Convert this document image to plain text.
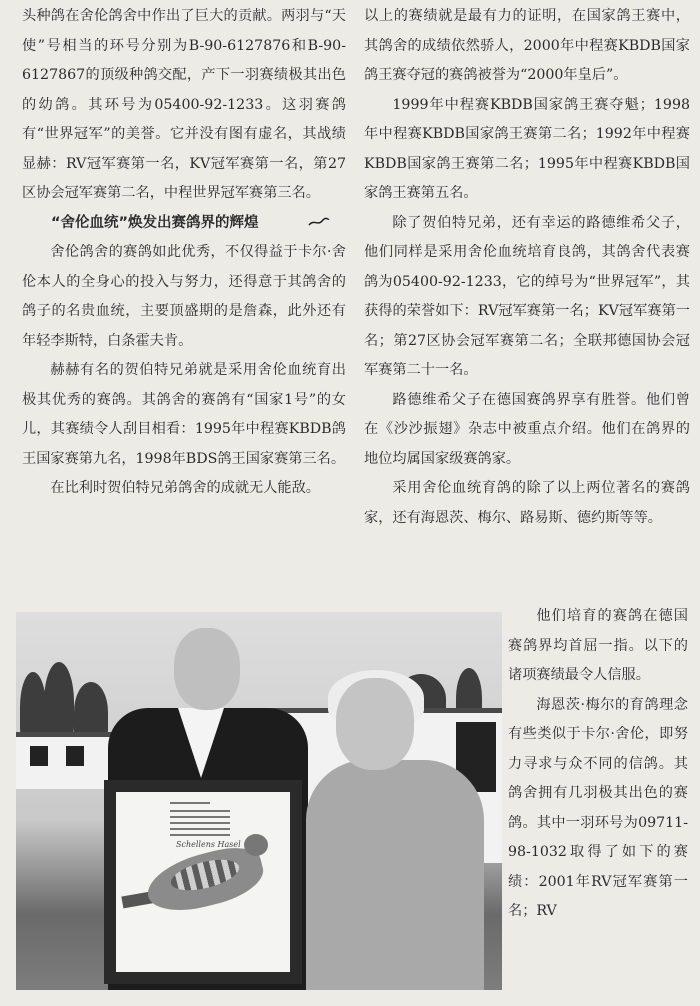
头种鸽在舍伦鸽舍中作出了巨大的贡献。两羽与“天使”号相当的环号分别为B-90-6127876和B-90-6127867的顶级种鸽交配，产下一羽赛绩极其出色的幼鸽。其环号为05400-92-1233。这羽赛鸽有“世界冠军”的美誉。它并没有图有虚名，其战绩显赫：RV冠军赛第一名，KV冠军赛第一名，第27区协会冠军赛第二名，中程世界冠军赛第三名。

“舍伦血统”焕发出赛鸽界的辉煌

舍伦鸽舍的赛鸽如此优秀，不仅得益于卡尔·舍伦本人的全身心的投入与努力，还得意于其鸽舍的鸽子的名贵血统，主要顶盛期的是詹森，此外还有年轻李斯特，白条霍夫肯。

赫赫有名的贺伯特兄弟就是采用舍伦血统育出极其优秀的赛鸽。其鸽舍的赛鸽有“国家1号”的女儿，其赛绩令人刮目相看：1995年中程赛KBDB鸽王国家赛第九名，1998年BDS鸽王国家赛第三名。

在比利时贺伯特兄弟鸽舍的成就无人能敌。

以上的赛绩就是最有力的证明，在国家鸽王赛中，其鸽舍的成绩依然骄人，2000年中程赛KBDB国家鸽王赛夺冠的赛鸽被誉为“2000年皇后”。

1999年中程赛KBDB国家鸽王赛夺魁；1998年中程赛KBDB国家鸽王赛第二名；1992年中程赛KBDB国家鸽王赛第二名；1995年中程赛KBDB国家鸽王赛第五名。

除了贺伯特兄弟，还有幸运的路德维希父子，他们同样是采用舍伦血统培育良鸽，其鸽舍代表赛鸽为05400-92-1233，它的绰号为“世界冠军”，其获得的荣誉如下：RV冠军赛第一名；KV冠军赛第一名；第27区协会冠军赛第二名；全联邦德国协会冠军赛第二十一名。

路德维希父子在德国赛鸽界享有胜誉。他们曾在《沙沙振翅》杂志中被重点介绍。他们在鸽界的地位均属国家级赛鸽家。

采用舍伦血统育鸽的除了以上两位著名的赛鸽家，还有海恩茨、梅尔、路易斯、德约斯等等。

Schellens Hasel

他们培育的赛鸽在德国赛鸽界均首屈一指。以下的诸项赛绩最令人信服。

海恩茨·梅尔的育鸽理念有些类似于卡尔·舍伦，即努力寻求与众不同的信鸽。其鸽舍拥有几羽极其出色的赛鸽。其中一羽环号为09711-98-1032取得了如下的赛绩：2001年RV冠军赛第一名；RV
